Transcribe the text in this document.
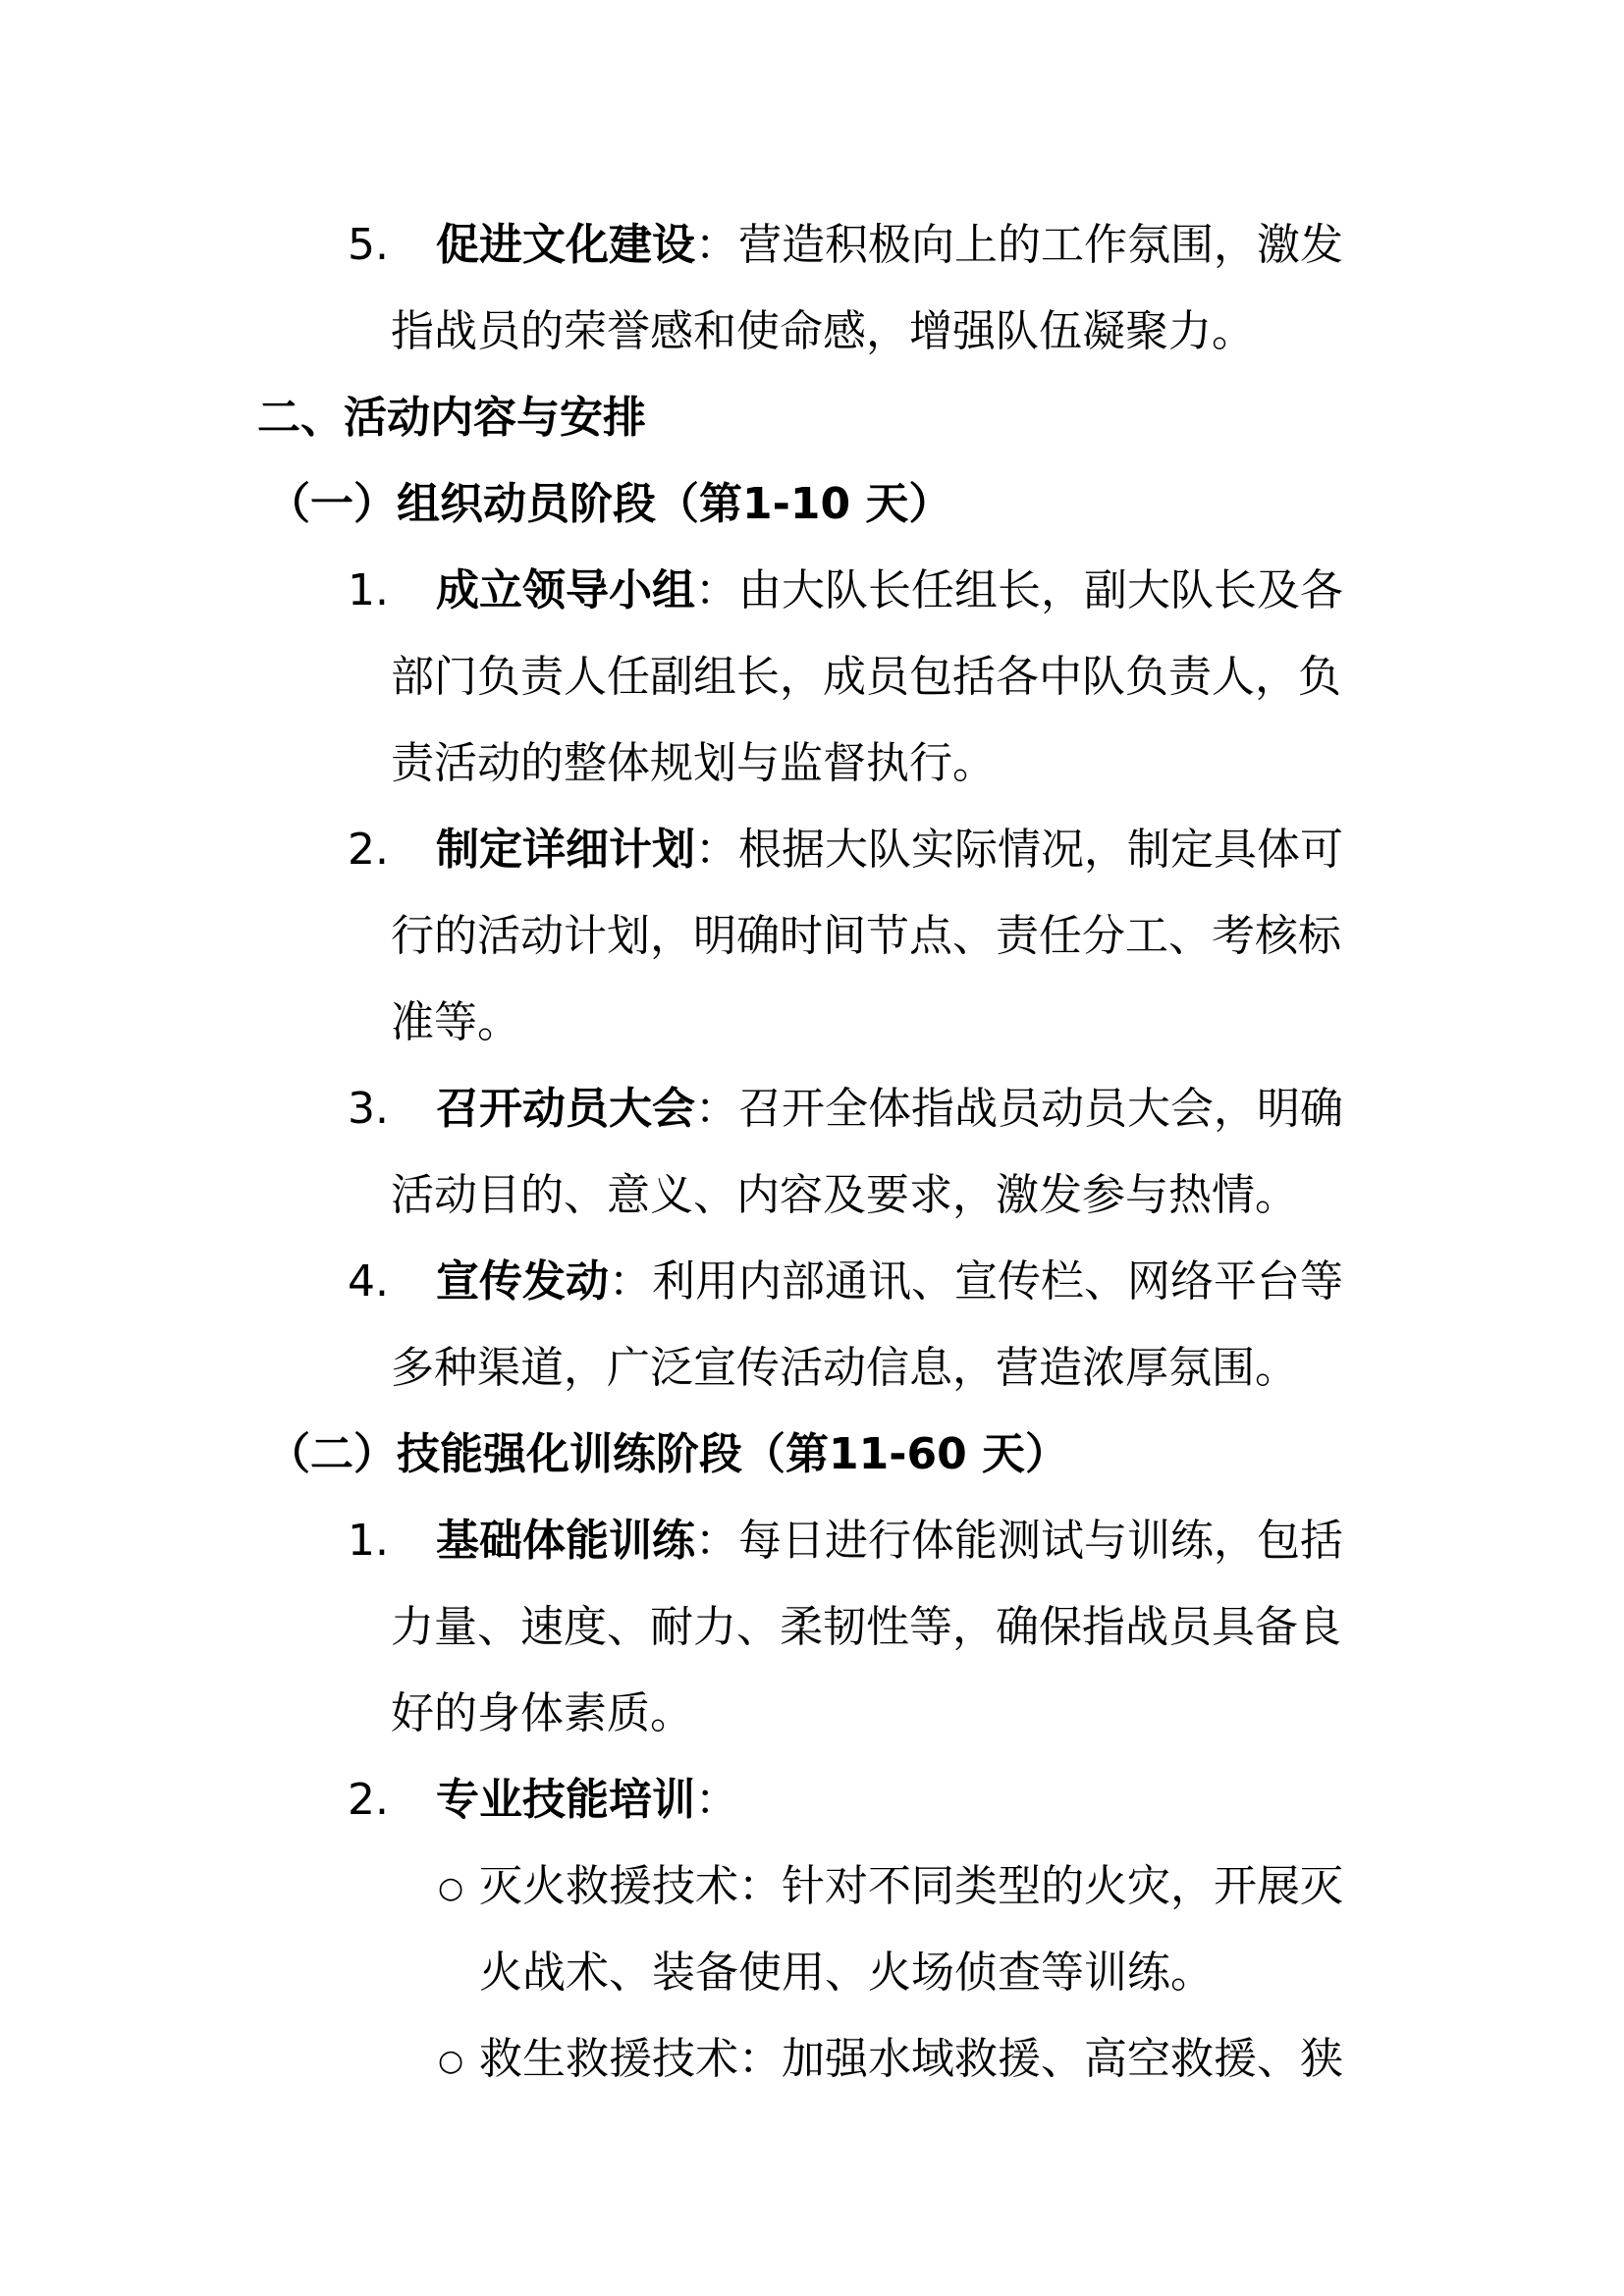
5. 促进文化建设：营造积极向上的工作氛围，激发
指战员的荣誉感和使命感，增强队伍凝聚力。
二、活动内容与安排
（一）组织动员阶段（第1-10 天）
1. 成立领导小组：由大队长任组长，副大队长及各
部门负责人任副组长，成员包括各中队负责人，负
责活动的整体规划与监督执行。
2. 制定详细计划：根据大队实际情况，制定具体可
行的活动计划，明确时间节点、责任分工、考核标
准等。
3. 召开动员大会：召开全体指战员动员大会，明确
活动目的、意义、内容及要求，激发参与热情。
4. 宣传发动：利用内部通讯、宣传栏、网络平台等
多种渠道，广泛宣传活动信息，营造浓厚氛围。
（二）技能强化训练阶段（第11-60 天）
1. 基础体能训练：每日进行体能测试与训练，包括
力量、速度、耐力、柔韧性等，确保指战员具备良
好的身体素质。
2. 专业技能培训：
○ 灭火救援技术：针对不同类型的火灾，开展灭
火战术、装备使用、火场侦查等训练。
○ 救生救援技术：加强水域救援、高空救援、狭
